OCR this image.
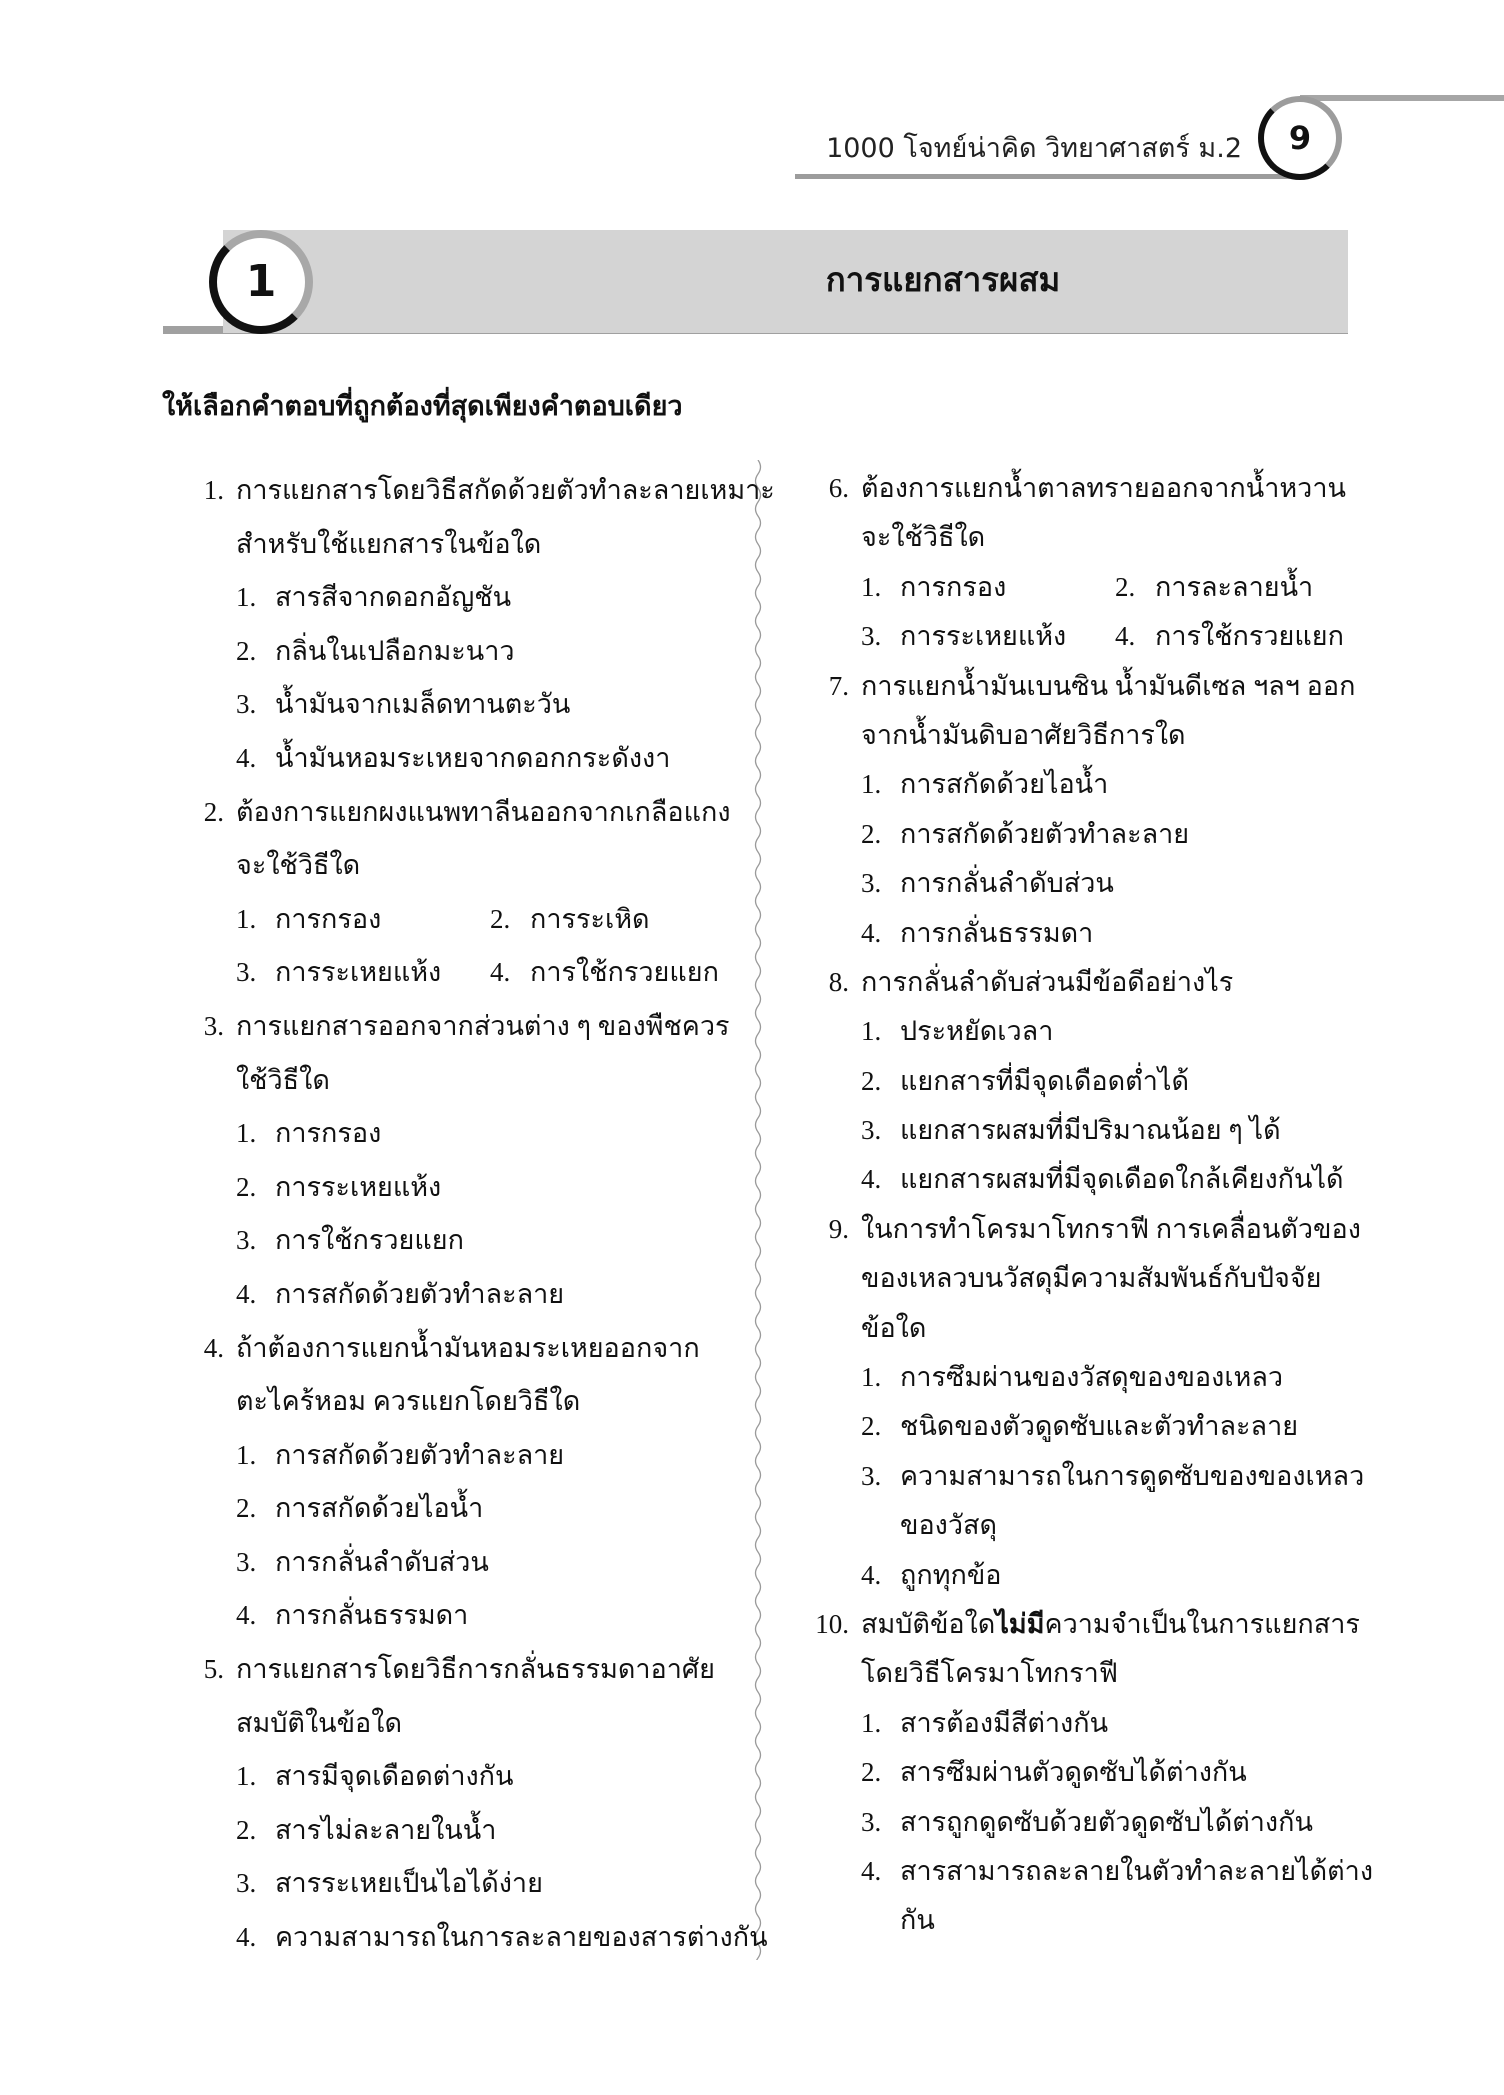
1000 โจทย์น่าคิด วิทยาศาสตร์ ม.2	9
1	การแยกสารผสม
ให้เลือกคำตอบที่ถูกต้องที่สุดเพียงคำตอบเดียว
1. การแยกสารโดยวิธีสกัดด้วยตัวทำละลายเหมาะ
สำหรับใช้แยกสารในข้อใด
1. สารสีจากดอกอัญชัน
2. กลิ่นในเปลือกมะนาว
3. น้ำมันจากเมล็ดทานตะวัน
4. น้ำมันหอมระเหยจากดอกกระดังงา
2. ต้องการแยกผงแนพทาลีนออกจากเกลือแกง
จะใช้วิธีใด
1. การกรอง	2. การระเหิด
3. การระเหยแห้ง 4. การใช้กรวยแยก
3. การแยกสารออกจากส่วนต่าง ๆ ของพืชควร
ใช้วิธีใด
1. การกรอง
2. การระเหยแห้ง
3. การใช้กรวยแยก
4. การสกัดด้วยตัวทำละลาย
4. ถ้าต้องการแยกน้ำมันหอมระเหยออกจาก
ตะไคร้หอม ควรแยกโดยวิธีใด
1. การสกัดด้วยตัวทำละลาย
2. การสกัดด้วยไอน้ำ
3. การกลั่นลำดับส่วน
4. การกลั่นธรรมดา
5. การแยกสารโดยวิธีการกลั่นธรรมดาอาศัย
สมบัติในข้อใด
1. สารมีจุดเดือดต่างกัน
2. สารไม่ละลายในน้ำ
3. สารระเหยเป็นไอได้ง่าย
4. ความสามารถในการละลายของสารต่างกัน
6. ต้องการแยกน้ำตาลทรายออกจากน้ำหวาน
จะใช้วิธีใด
1. การกรอง	2. การละลายน้ำ
3. การระเหยแห้ง 4. การใช้กรวยแยก
7. การแยกน้ำมันเบนซิน น้ำมันดีเซล ฯลฯ ออก
จากน้ำมันดิบอาศัยวิธีการใด
1. การสกัดด้วยไอน้ำ
2. การสกัดด้วยตัวทำละลาย
3. การกลั่นลำดับส่วน
4. การกลั่นธรรมดา
8. การกลั่นลำดับส่วนมีข้อดีอย่างไร
1. ประหยัดเวลา
2. แยกสารที่มีจุดเดือดต่ำได้
3. แยกสารผสมที่มีปริมาณน้อย ๆ ได้
4. แยกสารผสมที่มีจุดเดือดใกล้เคียงกันได้
9. ในการทำโครมาโทกราฟี การเคลื่อนตัวของ
ของเหลวบนวัสดุมีความสัมพันธ์กับปัจจัย
ข้อใด
1. การซึมผ่านของวัสดุของของเหลว
2. ชนิดของตัวดูดซับและตัวทำละลาย
3. ความสามารถในการดูดซับของของเหลว
ของวัสดุ
4. ถูกทุกข้อ
10. สมบัติข้อใดไม่มีความจำเป็นในการแยกสาร
โดยวิธีโครมาโทกราฟี
1. สารต้องมีสีต่างกัน
2. สารซึมผ่านตัวดูดซับได้ต่างกัน
3. สารถูกดูดซับด้วยตัวดูดซับได้ต่างกัน
4. สารสามารถละลายในตัวทำละลายได้ต่าง
กัน
